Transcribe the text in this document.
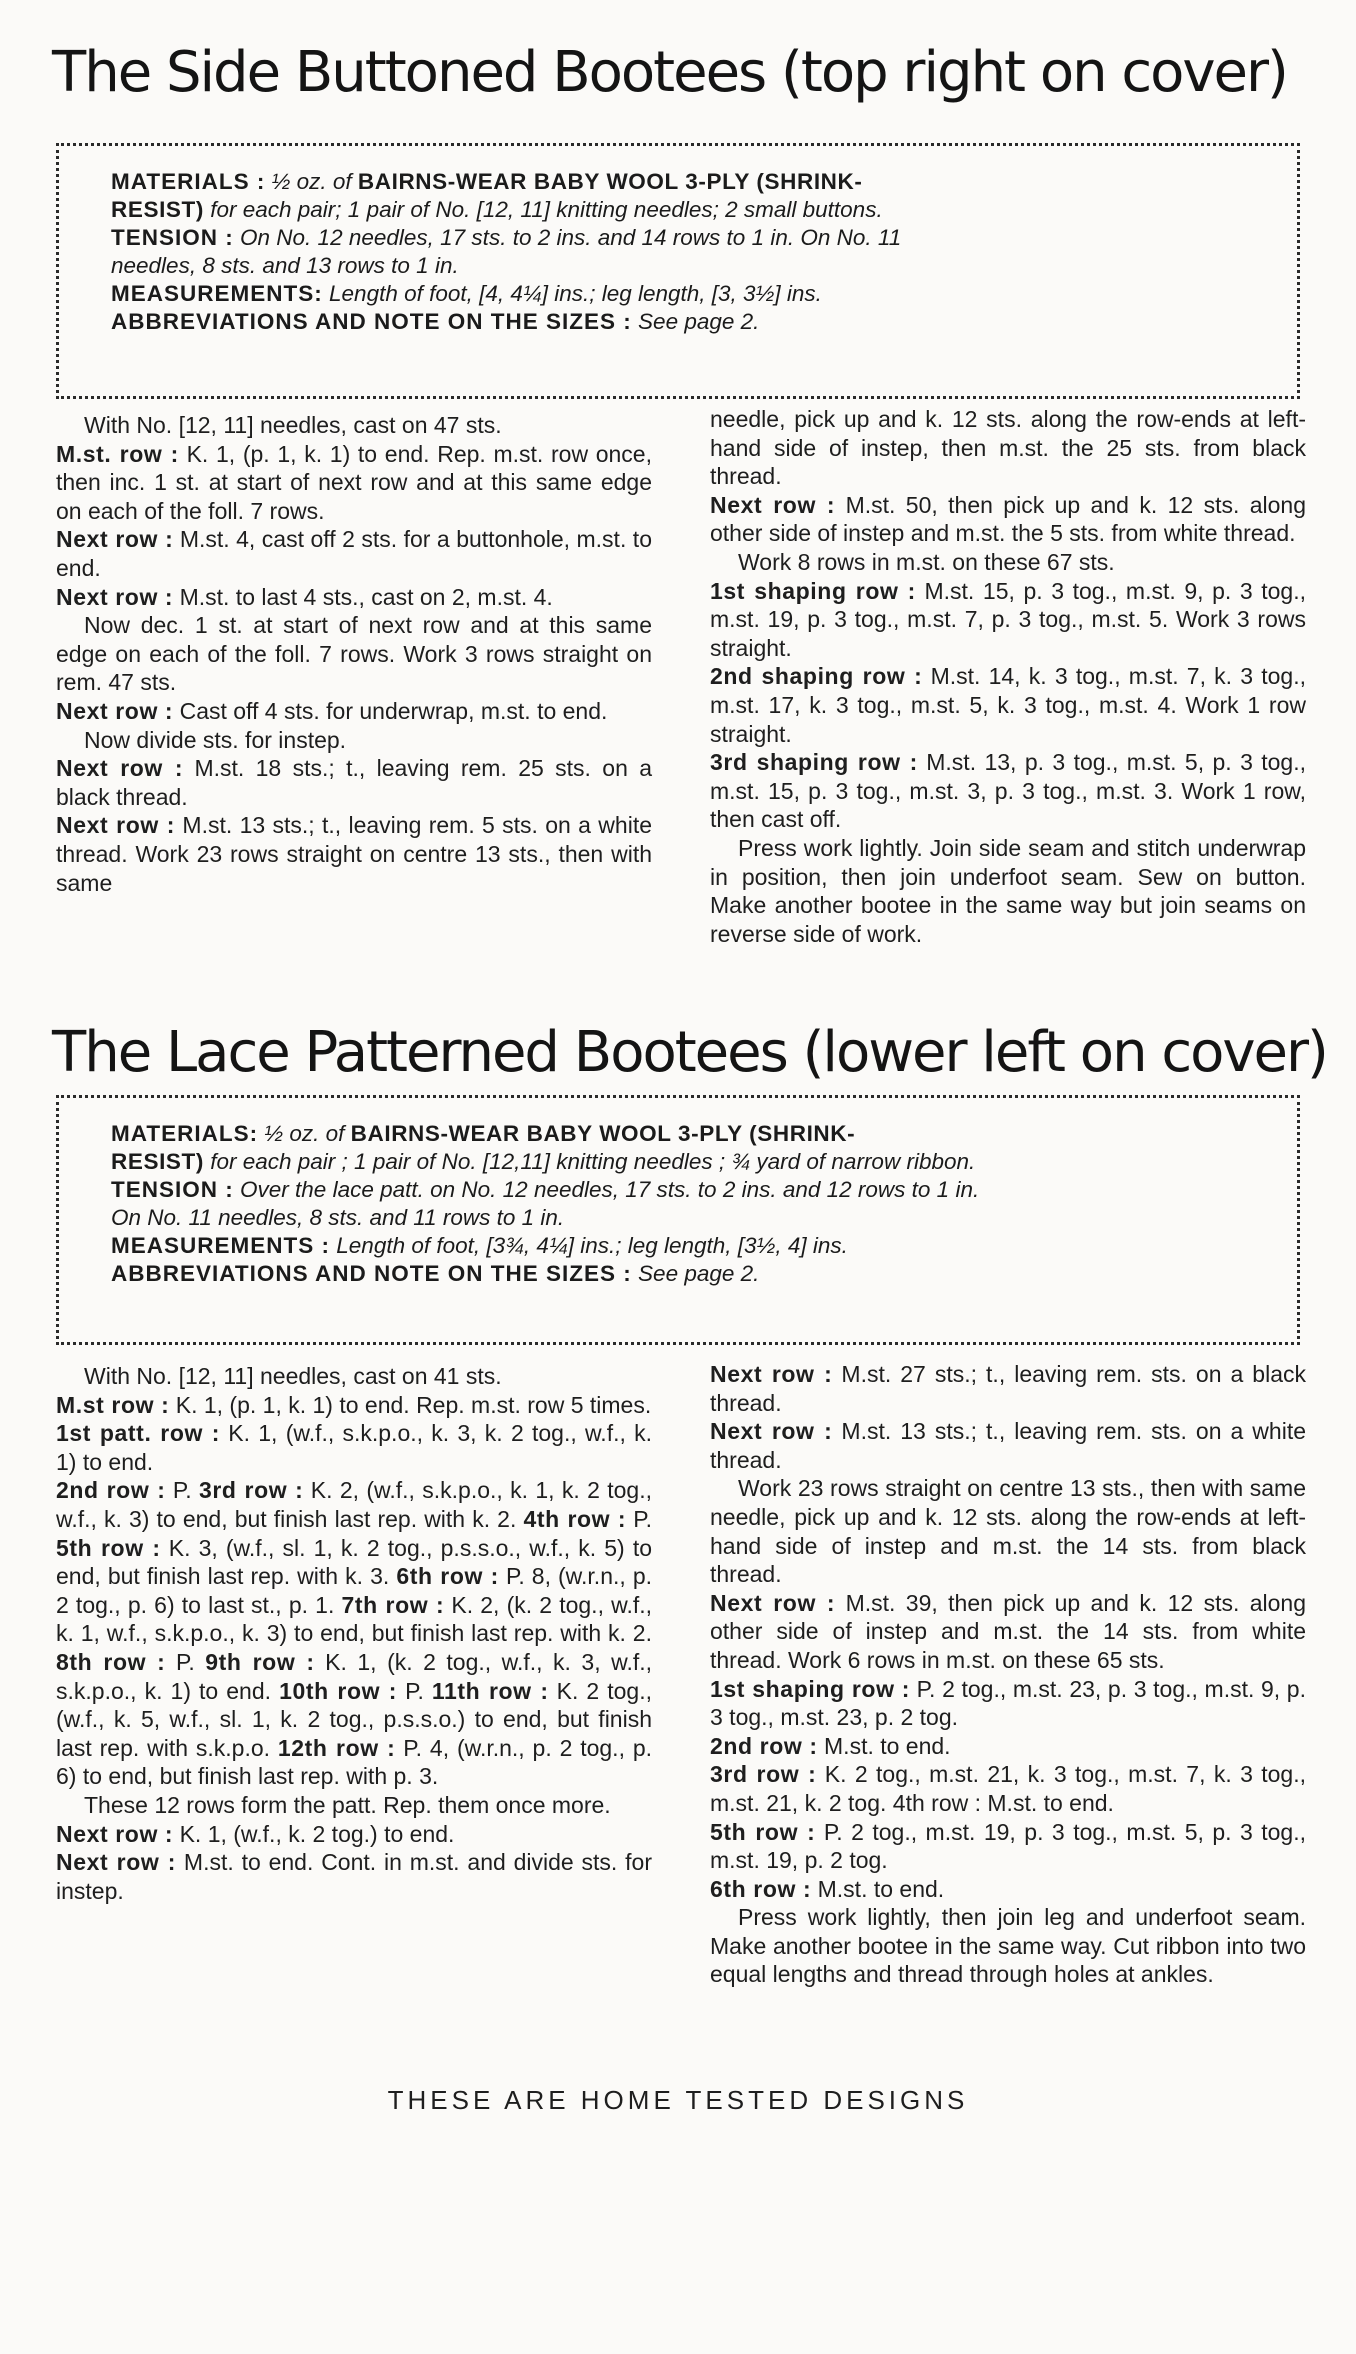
The Side Buttoned Bootees (top right on cover)
MATERIALS : ½ oz. of BAIRNS-WEAR BABY WOOL 3-PLY (SHRINK-
RESIST) for each pair; 1 pair of No. [12, 11] knitting needles; 2 small buttons.
TENSION : On No. 12 needles, 17 sts. to 2 ins. and 14 rows to 1 in. On No. 11
needles, 8 sts. and 13 rows to 1 in.
MEASUREMENTS: Length of foot, [4, 4¼] ins.; leg length, [3, 3½] ins.
ABBREVIATIONS AND NOTE ON THE SIZES : See page 2.

With No. [12, 11] needles, cast on 47 sts.

M.st. row : K. 1, (p. 1, k. 1) to end. Rep. m.st. row once, then inc. 1 st. at start of next row and at this same edge on each of the foll. 7 rows.

Next row : M.st. 4, cast off 2 sts. for a buttonhole, m.st. to end.

Next row : M.st. to last 4 sts., cast on 2, m.st. 4.

Now dec. 1 st. at start of next row and at this same edge on each of the foll. 7 rows. Work 3 rows straight on rem. 47 sts.

Next row : Cast off 4 sts. for underwrap, m.st. to end.

Now divide sts. for instep.

Next row : M.st. 18 sts.; t., leaving rem. 25 sts. on a black thread.

Next row : M.st. 13 sts.; t., leaving rem. 5 sts. on a white thread. Work 23 rows straight on centre 13 sts., then with same

needle, pick up and k. 12 sts. along the row-ends at left-hand side of instep, then m.st. the 25 sts. from black thread.

Next row : M.st. 50, then pick up and k. 12 sts. along other side of instep and m.st. the 5 sts. from white thread.

Work 8 rows in m.st. on these 67 sts.

1st shaping row : M.st. 15, p. 3 tog., m.st. 9, p. 3 tog., m.st. 19, p. 3 tog., m.st. 7, p. 3 tog., m.st. 5. Work 3 rows straight.

2nd shaping row : M.st. 14, k. 3 tog., m.st. 7, k. 3 tog., m.st. 17, k. 3 tog., m.st. 5, k. 3 tog., m.st. 4. Work 1 row straight.

3rd shaping row : M.st. 13, p. 3 tog., m.st. 5, p. 3 tog., m.st. 15, p. 3 tog., m.st. 3, p. 3 tog., m.st. 3. Work 1 row, then cast off.

Press work lightly. Join side seam and stitch underwrap in position, then join underfoot seam. Sew on button. Make another bootee in the same way but join seams on reverse side of work.

The Lace Patterned Bootees (lower left on cover)
MATERIALS: ½ oz. of BAIRNS-WEAR BABY WOOL 3-PLY (SHRINK-
RESIST) for each pair ; 1 pair of No. [12,11] knitting needles ; ¾ yard of narrow ribbon.
TENSION : Over the lace patt. on No. 12 needles, 17 sts. to 2 ins. and 12 rows to 1 in.
On No. 11 needles, 8 sts. and 11 rows to 1 in.
MEASUREMENTS : Length of foot, [3¾, 4¼] ins.; leg length, [3½, 4] ins.
ABBREVIATIONS AND NOTE ON THE SIZES : See page 2.

With No. [12, 11] needles, cast on 41 sts.

M.st row : K. 1, (p. 1, k. 1) to end. Rep. m.st. row 5 times.

1st patt. row : K. 1, (w.f., s.k.p.o., k. 3, k. 2 tog., w.f., k. 1) to end.

2nd row : P. 3rd row : K. 2, (w.f., s.k.p.o., k. 1, k. 2 tog., w.f., k. 3) to end, but finish last rep. with k. 2. 4th row : P. 5th row : K. 3, (w.f., sl. 1, k. 2 tog., p.s.s.o., w.f., k. 5) to end, but finish last rep. with k. 3. 6th row : P. 8, (w.r.n., p. 2 tog., p. 6) to last st., p. 1. 7th row : K. 2, (k. 2 tog., w.f., k. 1, w.f., s.k.p.o., k. 3) to end, but finish last rep. with k. 2. 8th row : P. 9th row : K. 1, (k. 2 tog., w.f., k. 3, w.f., s.k.p.o., k. 1) to end. 10th row : P. 11th row : K. 2 tog., (w.f., k. 5, w.f., sl. 1, k. 2 tog., p.s.s.o.) to end, but finish last rep. with s.k.p.o. 12th row : P. 4, (w.r.n., p. 2 tog., p. 6) to end, but finish last rep. with p. 3.

These 12 rows form the patt. Rep. them once more.

Next row : K. 1, (w.f., k. 2 tog.) to end.

Next row : M.st. to end. Cont. in m.st. and divide sts. for instep.

Next row : M.st. 27 sts.; t., leaving rem. sts. on a black thread.

Next row : M.st. 13 sts.; t., leaving rem. sts. on a white thread.

Work 23 rows straight on centre 13 sts., then with same needle, pick up and k. 12 sts. along the row-ends at left-hand side of instep and m.st. the 14 sts. from black thread.

Next row : M.st. 39, then pick up and k. 12 sts. along other side of instep and m.st. the 14 sts. from white thread. Work 6 rows in m.st. on these 65 sts.

1st shaping row : P. 2 tog., m.st. 23, p. 3 tog., m.st. 9, p. 3 tog., m.st. 23, p. 2 tog.

2nd row : M.st. to end.

3rd row : K. 2 tog., m.st. 21, k. 3 tog., m.st. 7, k. 3 tog., m.st. 21, k. 2 tog. 4th row : M.st. to end.

5th row : P. 2 tog., m.st. 19, p. 3 tog., m.st. 5, p. 3 tog., m.st. 19, p. 2 tog.

6th row : M.st. to end.

Press work lightly, then join leg and underfoot seam. Make another bootee in the same way. Cut ribbon into two equal lengths and thread through holes at ankles.

THESE ARE HOME TESTED DESIGNS
